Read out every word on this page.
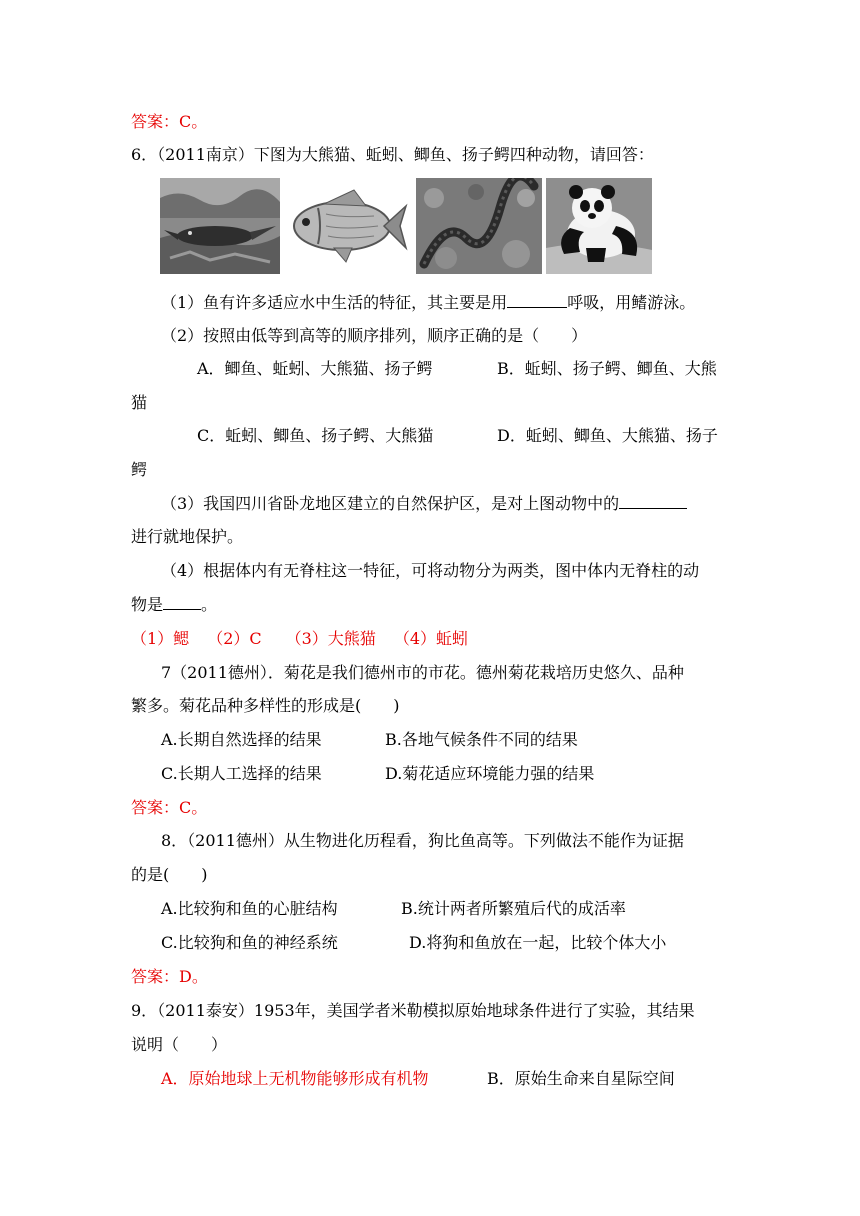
答案：C。
6．（2011南京）下图为大熊猫、蚯蚓、鲫鱼、扬子鳄四种动物，请回答：
（1）鱼有许多适应水中生活的特征，其主要是用	呼吸，用鳍游泳。
（2）按照由低等到高等的顺序排列，顺序正确的是（　　）
A．鲫鱼、蚯蚓、大熊猫、扬子鳄	B．蚯蚓、扬子鳄、鲫鱼、大熊
猫
C．蚯蚓、鲫鱼、扬子鳄、大熊猫	D．蚯蚓、鲫鱼、大熊猫、扬子
鳄
（3）我国四川省卧龙地区建立的自然保护区，是对上图动物中的
进行就地保护。
（4）根据体内有无脊柱这一特征，可将动物分为两类，图中体内无脊柱的动
物是 。
（1）鳃 （2）C （3）大熊猫 （4）蚯蚓
7（2011德州）．菊花是我们德州市的市花。德州菊花栽培历史悠久、品种
繁多。菊花品种多样性的形成是(　　)
A.长期自然选择的结果	B.各地气候条件不同的结果
C.长期人工选择的结果	D.菊花适应环境能力强的结果
答案：C。
8．（2011德州）从生物进化历程看，狗比鱼高等。下列做法不能作为证据
的是(　　)
A.比较狗和鱼的心脏结构	B.统计两者所繁殖后代的成活率
C.比较狗和鱼的神经系统	D.将狗和鱼放在一起，比较个体大小
答案：D。
9．（2011泰安）1953年，美国学者米勒模拟原始地球条件进行了实验，其结果
说明（　　）
A．原始地球上无机物能够形成有机物	B．原始生命来自星际空间
